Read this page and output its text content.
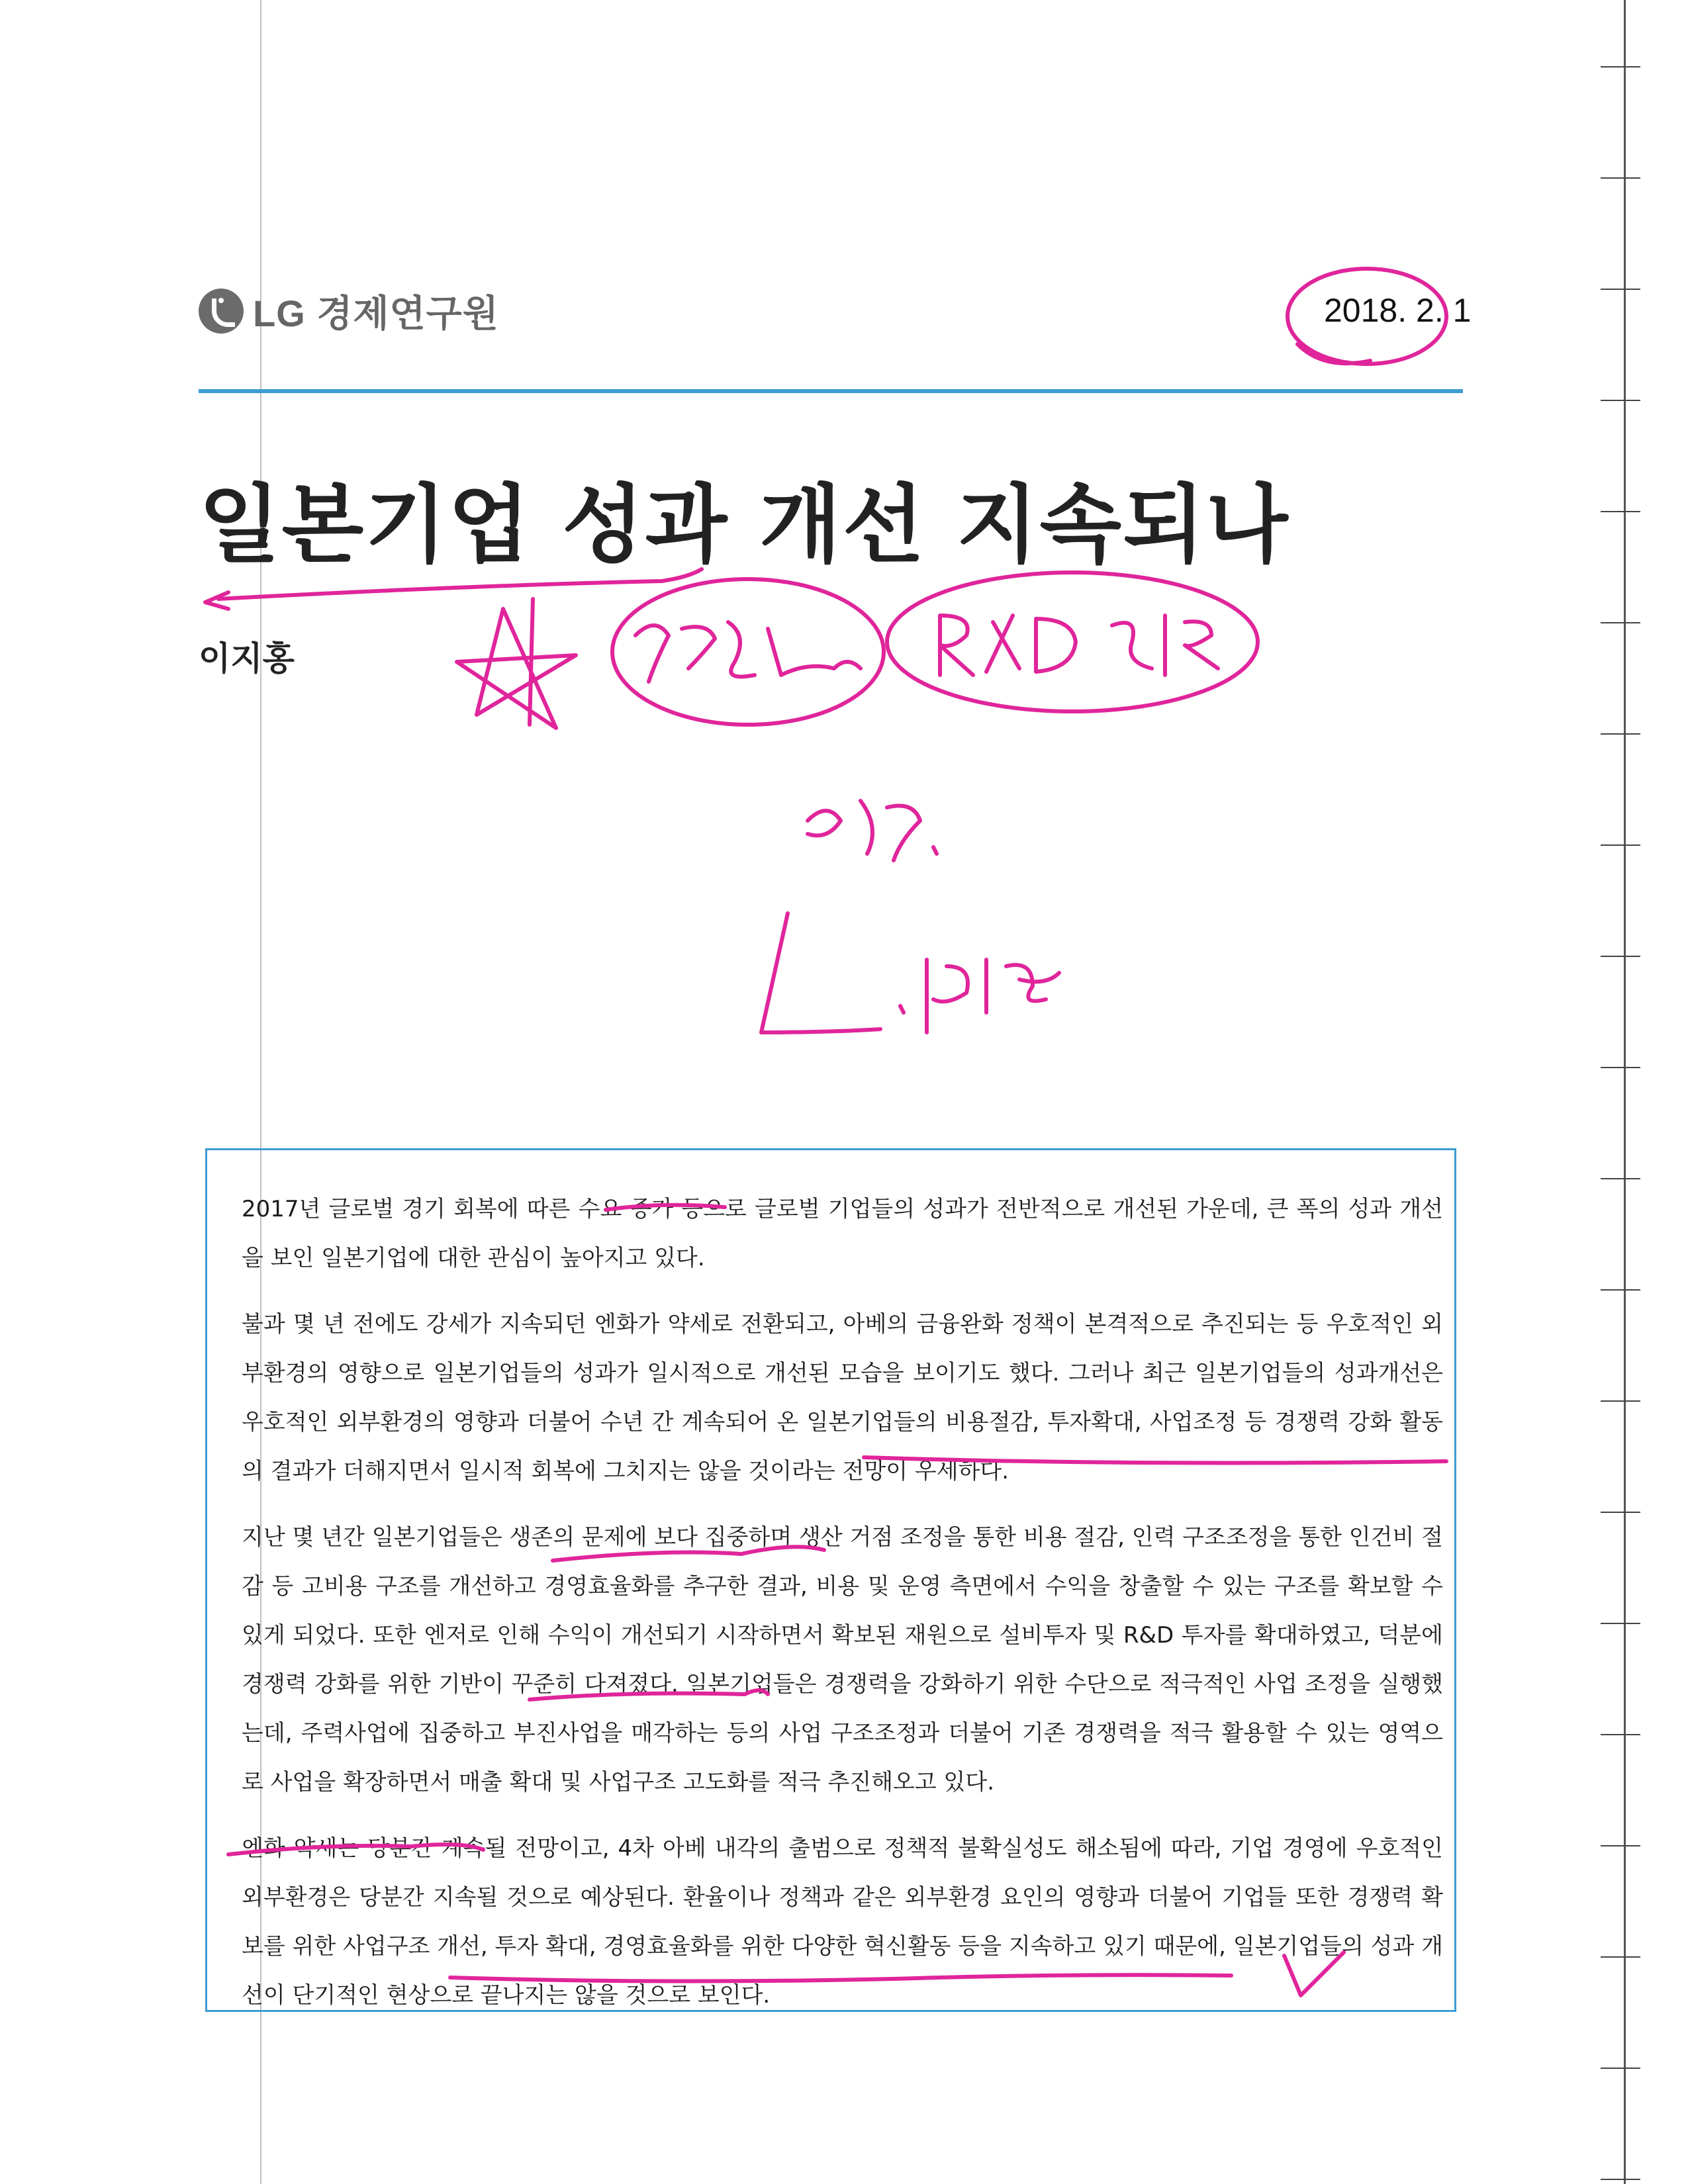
LG 경제연구원	2018. 2. 1
일본기업 성과 개선 지속되나
이지홍

2017년 글로벌 경기 회복에 따른 수요 증가 등으로 글로벌 기업들의 성과가 전반적으로 개선된 가운데, 큰 폭의 성과 개선을 보인 일본기업에 대한 관심이 높아지고 있다.

불과 몇 년 전에도 강세가 지속되던 엔화가 약세로 전환되고, 아베의 금융완화 정책이 본격적으로 추진되는 등 우호적인 외부환경의 영향으로 일본기업들의 성과가 일시적으로 개선된 모습을 보이기도 했다. 그러나 최근 일본기업들의 성과개선은 우호적인 외부환경의 영향과 더불어 수년 간 계속되어 온 일본기업들의 비용절감, 투자확대, 사업조정 등 경쟁력 강화 활동의 결과가 더해지면서 일시적 회복에 그치지는 않을 것이라는 전망이 우세하다.

지난 몇 년간 일본기업들은 생존의 문제에 보다 집중하며 생산 거점 조정을 통한 비용 절감, 인력 구조조정을 통한 인건비 절감 등 고비용 구조를 개선하고 경영효율화를 추구한 결과, 비용 및 운영 측면에서 수익을 창출할 수 있는 구조를 확보할 수 있게 되었다. 또한 엔저로 인해 수익이 개선되기 시작하면서 확보된 재원으로 설비투자 및 R&D 투자를 확대하였고, 덕분에 경쟁력 강화를 위한 기반이 꾸준히 다져졌다. 일본기업들은 경쟁력을 강화하기 위한 수단으로 적극적인 사업 조정을 실행했는데, 주력사업에 집중하고 부진사업을 매각하는 등의 사업 구조조정과 더불어 기존 경쟁력을 적극 활용할 수 있는 영역으로 사업을 확장하면서 매출 확대 및 사업구조 고도화를 적극 추진해오고 있다.

엔화 약세는 당분간 계속될 전망이고, 4차 아베 내각의 출범으로 정책적 불확실성도 해소됨에 따라, 기업 경영에 우호적인 외부환경은 당분간 지속될 것으로 예상된다. 환율이나 정책과 같은 외부환경 요인의 영향과 더불어 기업들 또한 경쟁력 확보를 위한 사업구조 개선, 투자 확대, 경영효율화를 위한 다양한 혁신활동 등을 지속하고 있기 때문에, 일본기업들의 성과 개선이 단기적인 현상으로 끝나지는 않을 것으로 보인다.
